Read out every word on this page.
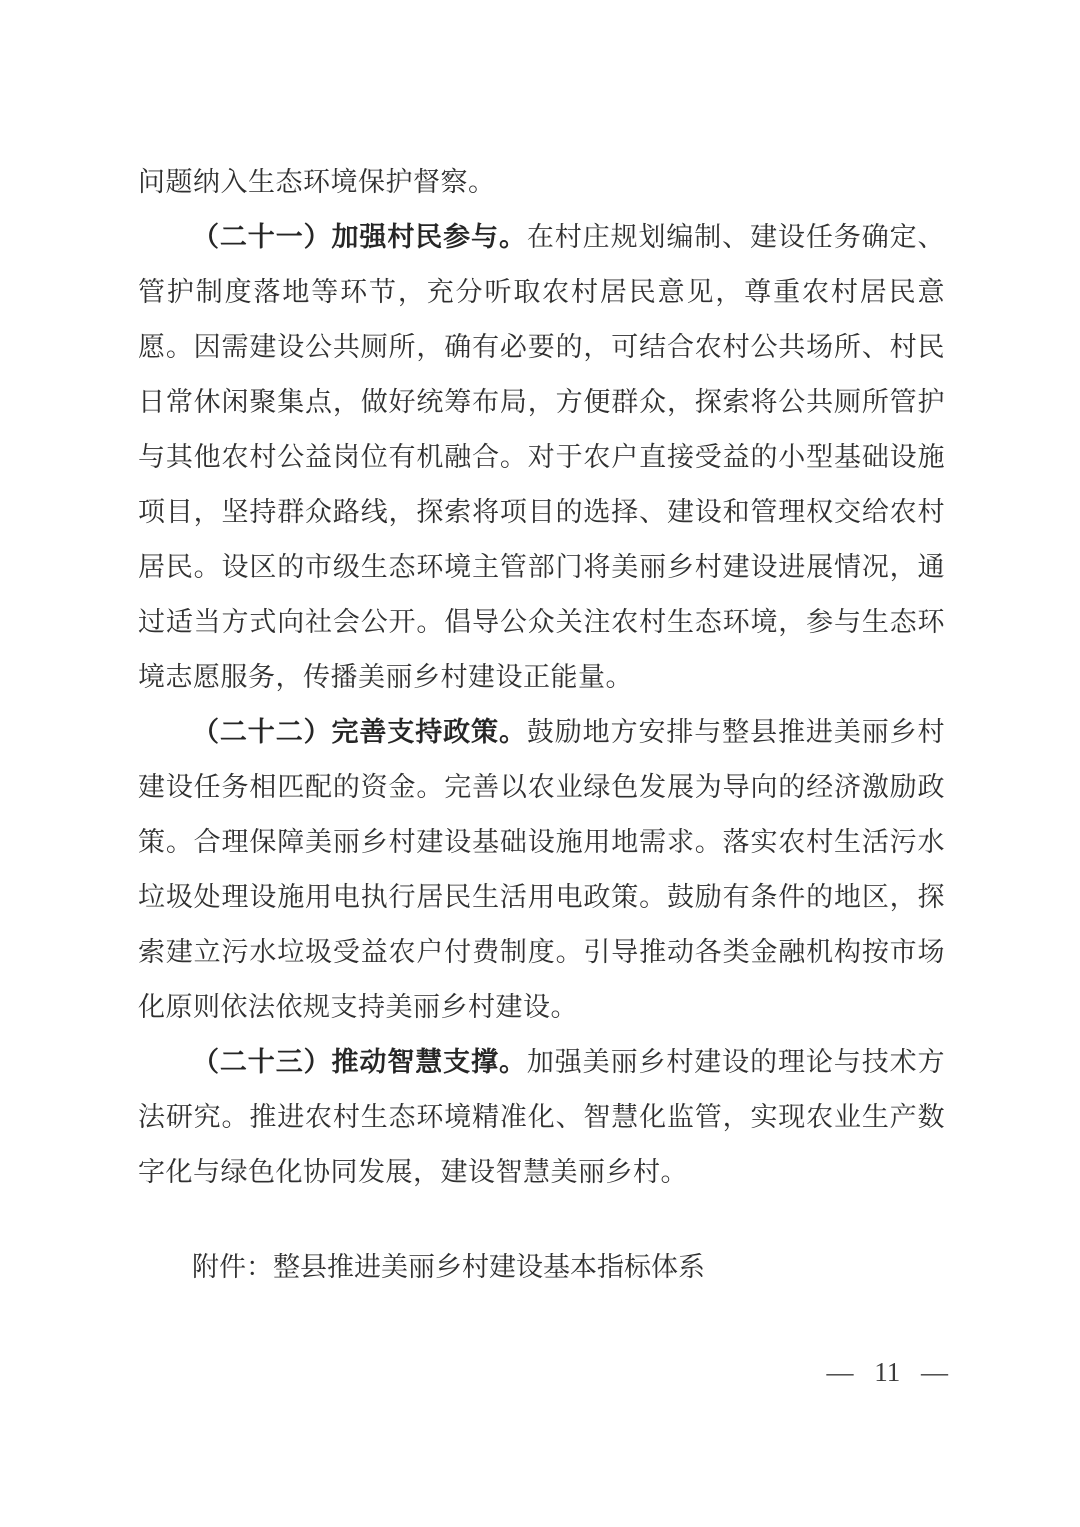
问题纳入生态环境保护督察。

（二十一）加强村民参与。在村庄规划编制、建设任务确定、管护制度落地等环节，充分听取农村居民意见，尊重农村居民意愿。因需建设公共厕所，确有必要的，可结合农村公共场所、村民日常休闲聚集点，做好统筹布局，方便群众，探索将公共厕所管护与其他农村公益岗位有机融合。对于农户直接受益的小型基础设施项目，坚持群众路线，探索将项目的选择、建设和管理权交给农村居民。设区的市级生态环境主管部门将美丽乡村建设进展情况，通过适当方式向社会公开。倡导公众关注农村生态环境，参与生态环境志愿服务，传播美丽乡村建设正能量。

（二十二）完善支持政策。鼓励地方安排与整县推进美丽乡村建设任务相匹配的资金。完善以农业绿色发展为导向的经济激励政策。合理保障美丽乡村建设基础设施用地需求。落实农村生活污水垃圾处理设施用电执行居民生活用电政策。鼓励有条件的地区，探索建立污水垃圾受益农户付费制度。引导推动各类金融机构按市场化原则依法依规支持美丽乡村建设。

（二十三）推动智慧支撑。加强美丽乡村建设的理论与技术方法研究。推进农村生态环境精准化、智慧化监管，实现农业生产数字化与绿色化协同发展，建设智慧美丽乡村。

附件：整县推进美丽乡村建设基本指标体系

— 11 —
